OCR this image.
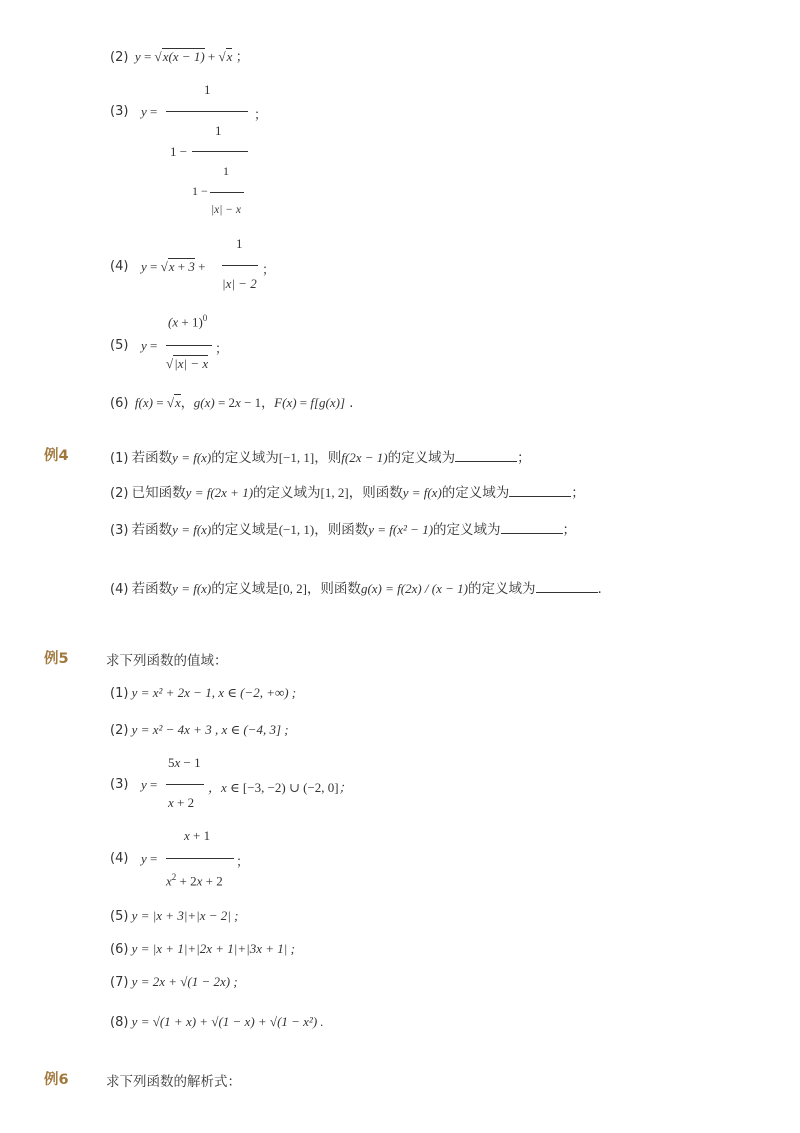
(2)  y = √x(x − 1) + √x ；
(3) y =
1
；
1 −
1
1 −
1
|x| − x
(4) y = √x + 3 +
1
|x| − 2
；
(5) y =
$(x + 1)^0$
√|x| − x
；
(6)  f(x) = √x，g(x) = 2x − 1，F(x) = f[g(x)] .
例4	(1) 若函数y = f(x)的定义域为[−1, 1]，则f(2x − 1)的定义域为	；
(2) 已知函数y = f(2x + 1)的定义域为[1, 2]，则函数y = f(x)的定义域为	；
(3) 若函数y = f(x)的定义域是(−1, 1)，则函数y = f(x² − 1)的定义域为	；
(4) 若函数y = f(x)的定义域是[0, 2]，则函数g(x) = f(2x) / (x − 1)的定义域为	.
例5	求下列函数的值域：
(1) y = x² + 2x − 1, x ∈ (−2, +∞) ;
(2) y = x² − 4x + 3 , x ∈ (−4, 3] ;
(3) y =
5x − 1
x + 2
，x ∈ [−3, −2) ∪ (−2, 0]；
(4) y =
x + 1
$x^2 + 2x + 2$
；
(5) y = |x + 3|+|x − 2| ;
(6) y = |x + 1|+|2x + 1|+|3x + 1| ;
(7) y = 2x + √(1 − 2x) ;
(8) y = √(1 + x) + √(1 − x) + √(1 − x²) .
例6	求下列函数的解析式：
